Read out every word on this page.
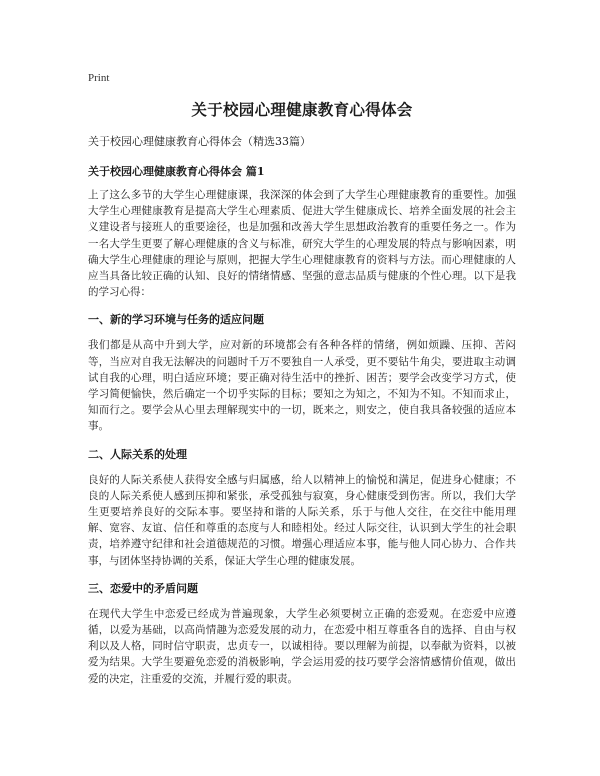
Print
关于校园心理健康教育心得体会
关于校园心理健康教育心得体会（精选33篇）
关于校园心理健康教育心得体会 篇1

上了这么多节的大学生心理健康课，我深深的体会到了大学生心理健康教育的重要性。加强大学生心理健康教育是提高大学生心理素质、促进大学生健康成长、培养全面发展的社会主义建设者与接班人的重要途径，也是加强和改善大学生思想政治教育的重要任务之一。作为一名大学生更要了解心理健康的含义与标准，研究大学生的心理发展的特点与影响因素，明确大学生心理健康的理论与原则，把握大学生心理健康教育的资料与方法。而心理健康的人应当具备比较正确的认知、良好的情绪情感、坚强的意志品质与健康的个性心理。以下是我的学习心得：

一、新的学习环境与任务的适应问题

我们都是从高中升到大学，应对新的环境都会有各种各样的情绪，例如烦躁、压抑、苦闷等，当应对自我无法解决的问题时千万不要独自一人承受，更不要钻牛角尖，要进取主动调试自我的心理，明白适应环境；要正确对待生活中的挫折、困苦；要学会改变学习方式，使学习简便愉快，然后确定一个切乎实际的目标；要知之为知之，不知为不知。不知而求止，知而行之。要学会从心里去理解现实中的一切，既来之，则安之，使自我具备较强的适应本事。

二、人际关系的处理

良好的人际关系使人获得安全感与归属感，给人以精神上的愉悦和满足，促进身心健康；不良的人际关系使人感到压抑和紧张，承受孤独与寂寞，身心健康受到伤害。所以，我们大学生更要培养良好的交际本事。要坚持和谐的人际关系，乐于与他人交往，在交往中能用理解、宽容、友谊、信任和尊重的态度与人和睦相处。经过人际交往，认识到大学生的社会职责，培养遵守纪律和社会道德规范的习惯。增强心理适应本事，能与他人同心协力、合作共事，与团体坚持协调的关系，保证大学生心理的健康发展。

三、恋爱中的矛盾问题

在现代大学生中恋爱已经成为普遍现象，大学生必须要树立正确的恋爱观。在恋爱中应遵循，以爱为基础，以高尚情趣为恋爱发展的动力，在恋爱中相互尊重各自的选择、自由与权利以及人格，同时信守职责，忠贞专一，以诚相待。要以理解为前提，以奉献为资料，以被爱为结果。大学生要避免恋爱的消极影响，学会运用爱的技巧要学会溶情感情价值观，做出爱的决定，注重爱的交流，并履行爱的职责。
